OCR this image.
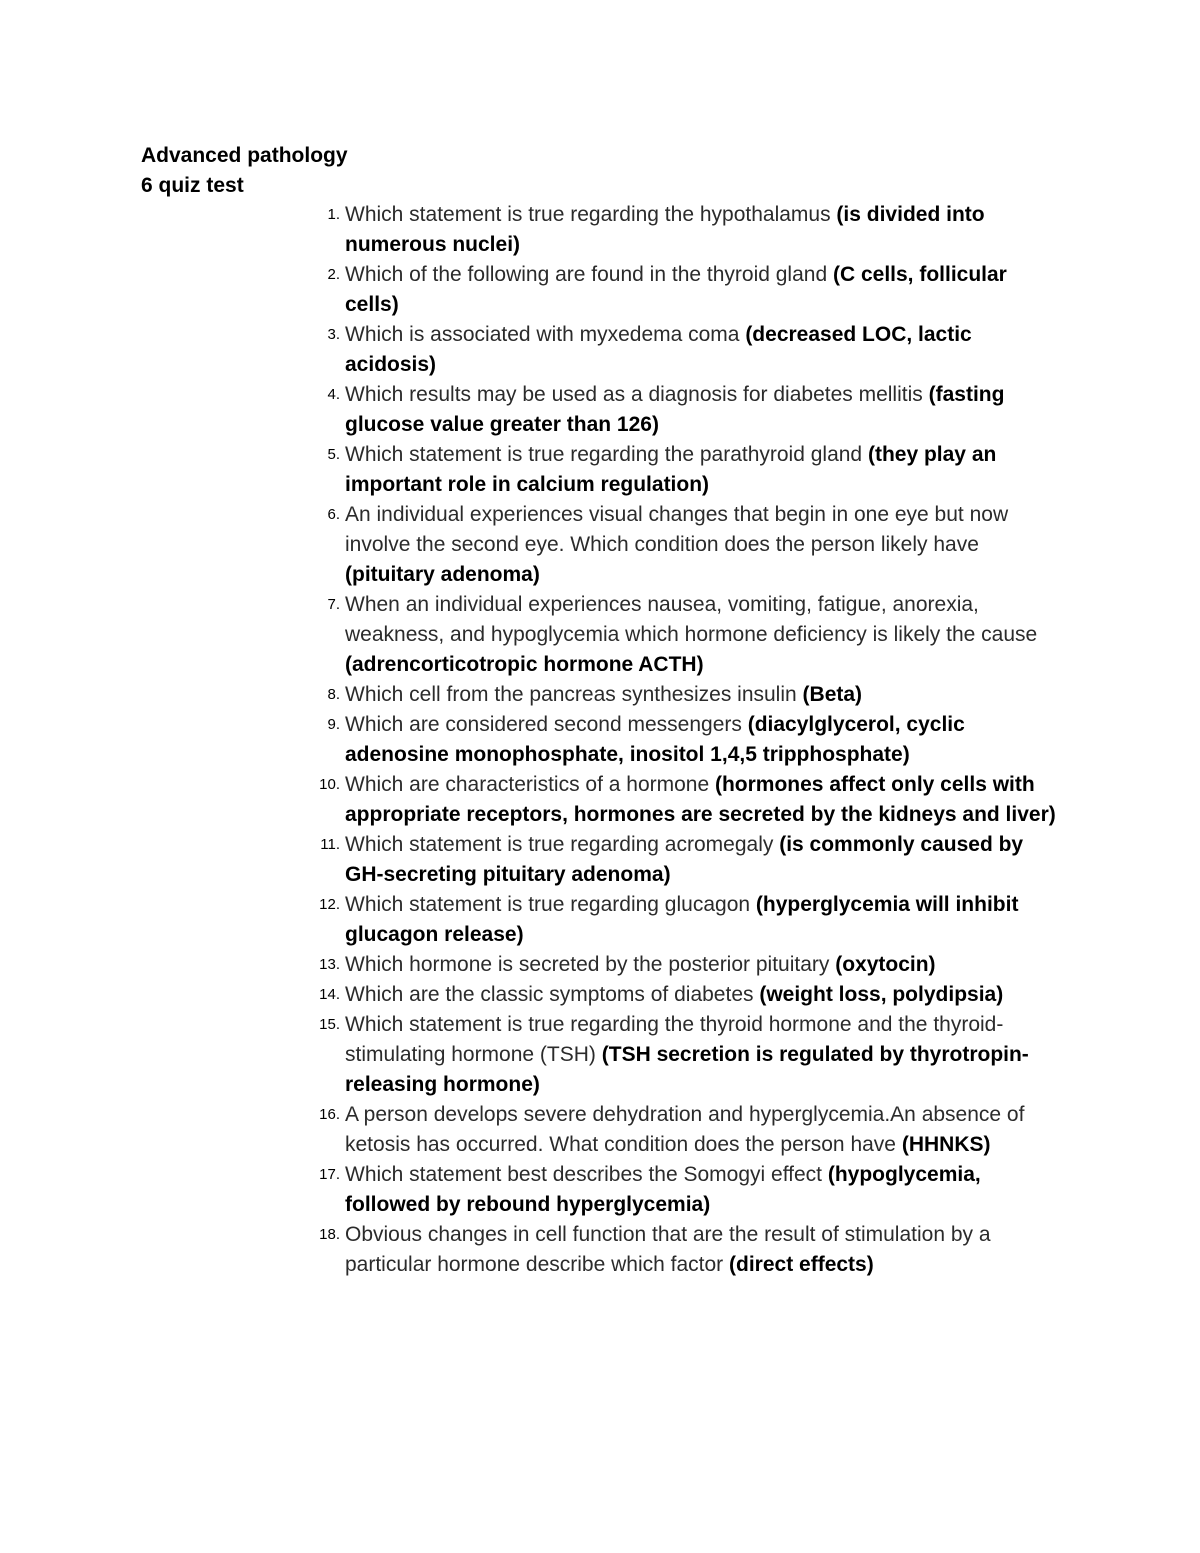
Advanced pathology
6 quiz test
1. Which statement is true regarding the hypothalamus (is divided into numerous nuclei)
2. Which of the following are found in the thyroid gland (C cells, follicular cells)
3. Which is associated with myxedema coma (decreased LOC, lactic acidosis)
4. Which results may be used as a diagnosis for diabetes mellitis (fasting glucose value greater than 126)
5. Which statement is true regarding the parathyroid gland (they play an important role in calcium regulation)
6. An individual experiences visual changes that begin in one eye but now involve the second eye. Which condition does the person likely have (pituitary adenoma)
7. When an individual experiences nausea, vomiting, fatigue, anorexia, weakness, and hypoglycemia which hormone deficiency is likely the cause (adrencorticotropic hormone ACTH)
8. Which cell from the pancreas synthesizes insulin (Beta)
9. Which are considered second messengers (diacylglycerol, cyclic adenosine monophosphate, inositol 1,4,5 tripphosphate)
10. Which are characteristics of a hormone (hormones affect only cells with appropriate receptors, hormones are secreted by the kidneys and liver)
11. Which statement is true regarding acromegaly (is commonly caused by GH-secreting pituitary adenoma)
12. Which statement is true regarding glucagon (hyperglycemia will inhibit glucagon release)
13. Which hormone is secreted by the posterior pituitary (oxytocin)
14. Which are the classic symptoms of diabetes (weight loss, polydipsia)
15. Which statement is true regarding the thyroid hormone and the thyroid-stimulating hormone (TSH) (TSH secretion is regulated by thyrotropin-releasing hormone)
16. A person develops severe dehydration and hyperglycemia.An absence of ketosis has occurred. What condition does the person have (HHNKS)
17. Which statement best describes the Somogyi effect (hypoglycemia, followed by rebound hyperglycemia)
18. Obvious changes in cell function that are the result of stimulation by a particular hormone describe which factor (direct effects)
